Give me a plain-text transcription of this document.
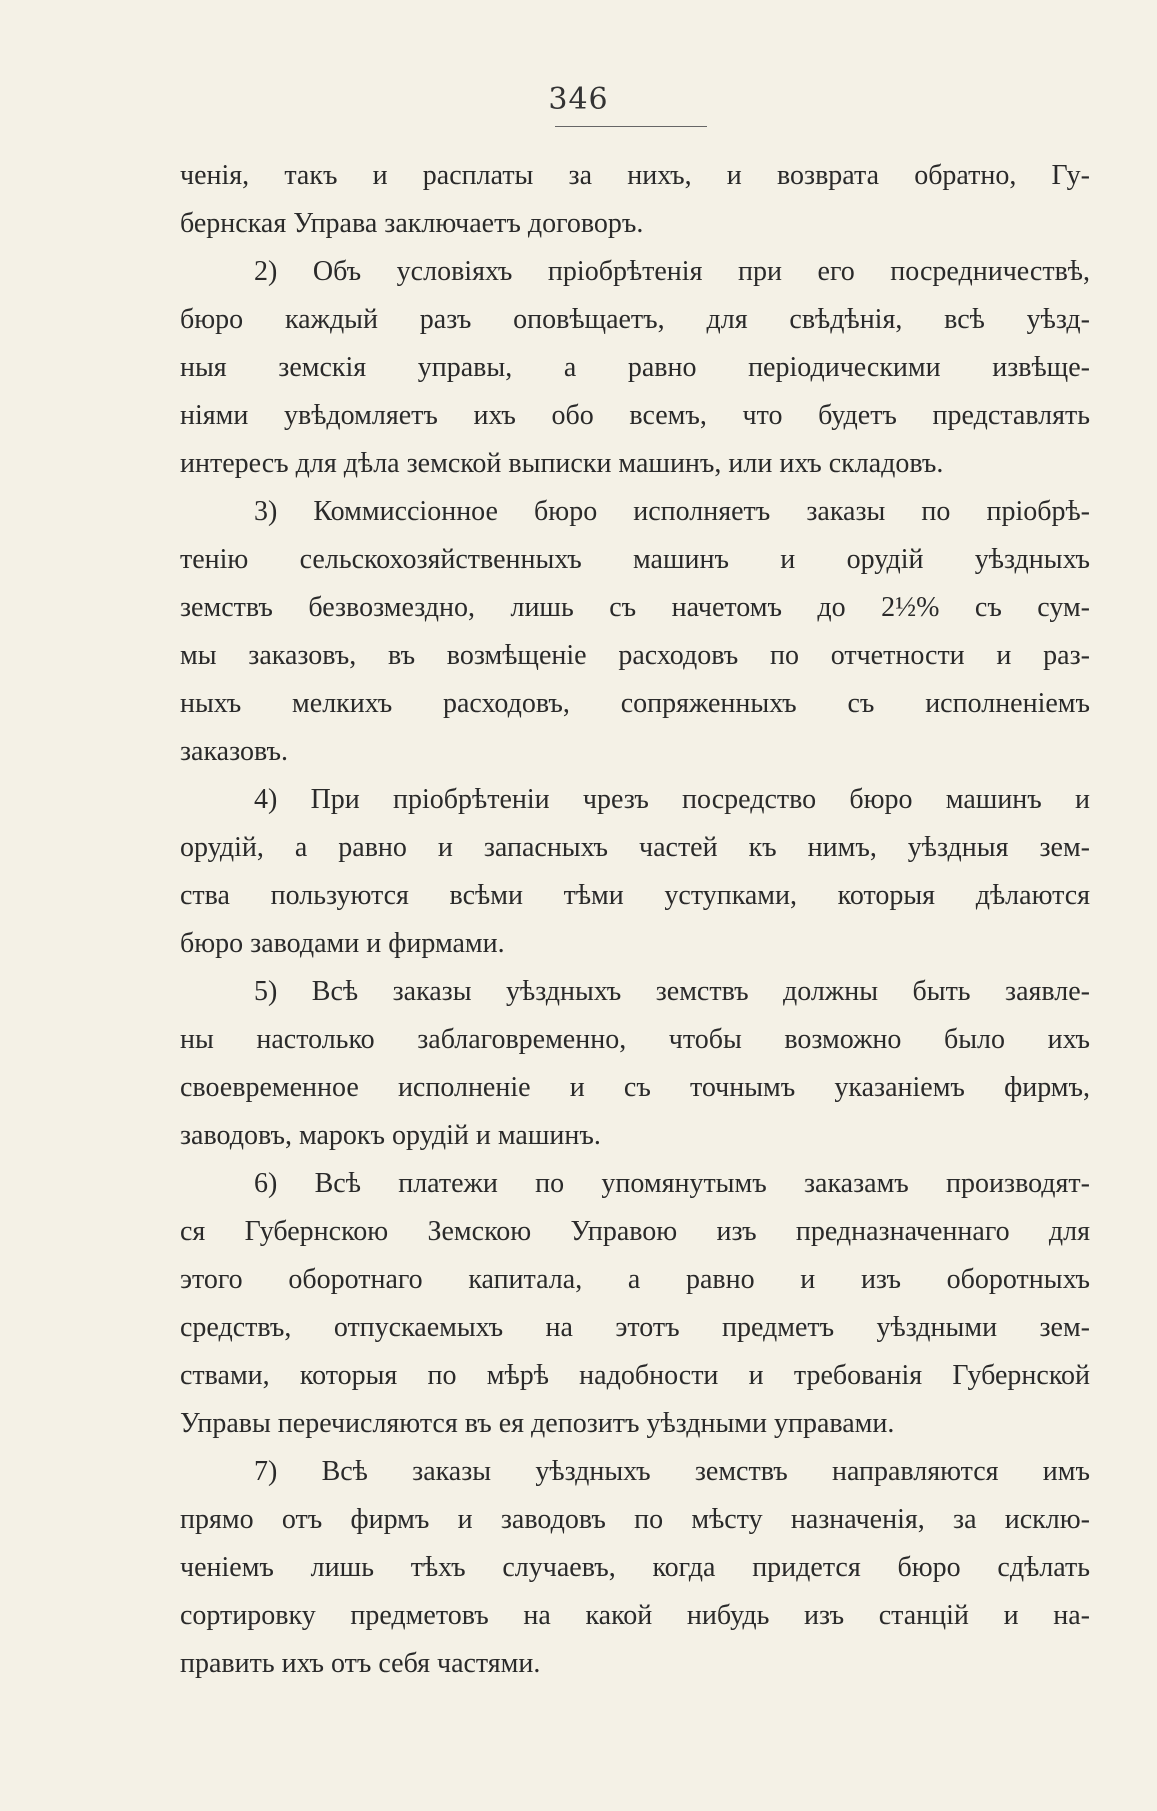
346
ченія, такъ и расплаты за нихъ, и возврата обратно, Гу-
бернская Управа заключаетъ договоръ.
2) Объ условіяхъ пріобрѣтенія при его посредничествѣ,
бюро каждый разъ оповѣщаетъ, для свѣдѣнія, всѣ уѣзд-
ныя земскія управы, а равно періодическими извѣще-
ніями увѣдомляетъ ихъ обо всемъ, что будетъ представлять
интересъ для дѣла земской выписки машинъ, или ихъ складовъ.
3) Коммиссіонное бюро исполняетъ заказы по пріобрѣ-
тенію сельскохозяйственныхъ машинъ и орудій уѣздныхъ
земствъ безвозмездно, лишь съ начетомъ до 2½% съ сум-
мы заказовъ, въ возмѣщеніе расходовъ по отчетности и раз-
ныхъ мелкихъ расходовъ, сопряженныхъ съ исполненіемъ
заказовъ.
4) При пріобрѣтеніи чрезъ посредство бюро машинъ и
орудій, а равно и запасныхъ частей къ нимъ, уѣздныя зем-
ства пользуются всѣми тѣми уступками, которыя дѣлаются
бюро заводами и фирмами.
5) Всѣ заказы уѣздныхъ земствъ должны быть заявле-
ны настолько заблаговременно, чтобы возможно было ихъ
своевременное исполненіе и съ точнымъ указаніемъ фирмъ,
заводовъ, марокъ орудій и машинъ.
6) Всѣ платежи по упомянутымъ заказамъ производят-
ся Губернскою Земскою Управою изъ предназначеннаго для
этого оборотнаго капитала, а равно и изъ оборотныхъ
средствъ, отпускаемыхъ на этотъ предметъ уѣздными зем-
ствами, которыя по мѣрѣ надобности и требованія Губернской
Управы перечисляются въ ея депозитъ уѣздными управами.
7) Всѣ заказы уѣздныхъ земствъ направляются имъ
прямо отъ фирмъ и заводовъ по мѣсту назначенія, за исклю-
ченіемъ лишь тѣхъ случаевъ, когда придется бюро сдѣлать
сортировку предметовъ на какой нибудь изъ станцій и на-
править ихъ отъ себя частями.
